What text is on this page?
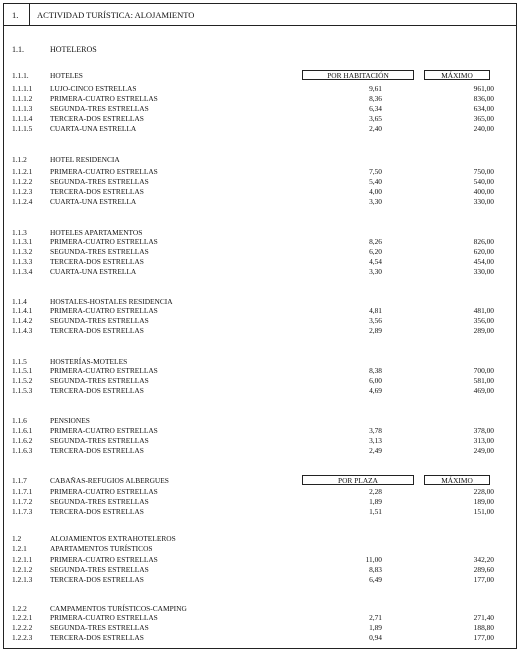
1. ACTIVIDAD TURÍSTICA: ALOJAMIENTO
1.1.	HOTELEROS
1.1.1.	HOTELES	POR HABITACIÓN	MÁXIMO
1.1.1.1 LUJO-CINCO ESTRELLAS	9,61	961,00
1.1.1.2 PRIMERA-CUATRO ESTRELLAS	8,36	836,00
1.1.1.3 SEGUNDA-TRES ESTRELLAS	6,34	634,00
1.1.1.4 TERCERA-DOS ESTRELLAS	3,65	365,00
1.1.1.5 CUARTA-UNA ESTRELLA	2,40	240,00
1.1.2	HOTEL RESIDENCIA
1.1.2.1 PRIMERA-CUATRO ESTRELLAS	7,50	750,00
1.1.2.2 SEGUNDA-TRES ESTRELLAS	5,40	540,00
1.1.2.3 TERCERA-DOS ESTRELLAS	4,00	400,00
1.1.2.4 CUARTA-UNA ESTRELLA	3,30	330,00
1.1.3	HOTELES APARTAMENTOS
1.1.3.1 PRIMERA-CUATRO ESTRELLAS	8,26	826,00
1.1.3.2 SEGUNDA-TRES ESTRELLAS	6,20	620,00
1.1.3.3 TERCERA-DOS ESTRELLAS	4,54	454,00
1.1.3.4 CUARTA-UNA ESTRELLA	3,30	330,00
1.1.4	HOSTALES-HOSTALES RESIDENCIA
1.1.4.1 PRIMERA-CUATRO ESTRELLAS	4,81	481,00
1.1.4.2 SEGUNDA-TRES ESTRELLAS	3,56	356,00
1.1.4.3 TERCERA-DOS ESTRELLAS	2,89	289,00
1.1.5	HOSTERÍAS-MOTELES
1.1.5.1 PRIMERA-CUATRO ESTRELLAS	8,38	700,00
1.1.5.2 SEGUNDA-TRES ESTRELLAS	6,00	581,00
1.1.5.3 TERCERA-DOS ESTRELLAS	4,69	469,00
1.1.6	PENSIONES
1.1.6.1 PRIMERA-CUATRO ESTRELLAS	3,78	378,00
1.1.6.2 SEGUNDA-TRES ESTRELLAS	3,13	313,00
1.1.6.3 TERCERA-DOS ESTRELLAS	2,49	249,00
1.1.7	CABAÑAS-REFUGIOS ALBERGUES	POR PLAZA	MÁXIMO
1.1.7.1 PRIMERA-CUATRO ESTRELLAS	2,28	228,00
1.1.7.2 SEGUNDA-TRES ESTRELLAS	1,89	189,00
1.1.7.3 TERCERA-DOS ESTRELLAS	1,51	151,00
1.2	ALOJAMIENTOS EXTRAHOTELEROS
1.2.1	APARTAMENTOS TURÍSTICOS
1.2.1.1 PRIMERA-CUATRO ESTRELLAS	11,00	342,20
1.2.1.2 SEGUNDA-TRES ESTRELLAS	8,83	289,60
1.2.1.3 TERCERA-DOS ESTRELLAS	6,49	177,00
1.2.2	CAMPAMENTOS TURÍSTICOS-CAMPING
1.2.2.1 PRIMERA-CUATRO ESTRELLAS	2,71	271,40
1.2.2.2 SEGUNDA-TRES ESTRELLAS	1,89	188,80
1.2.2.3 TERCERA-DOS ESTRELLAS	0,94	177,00
